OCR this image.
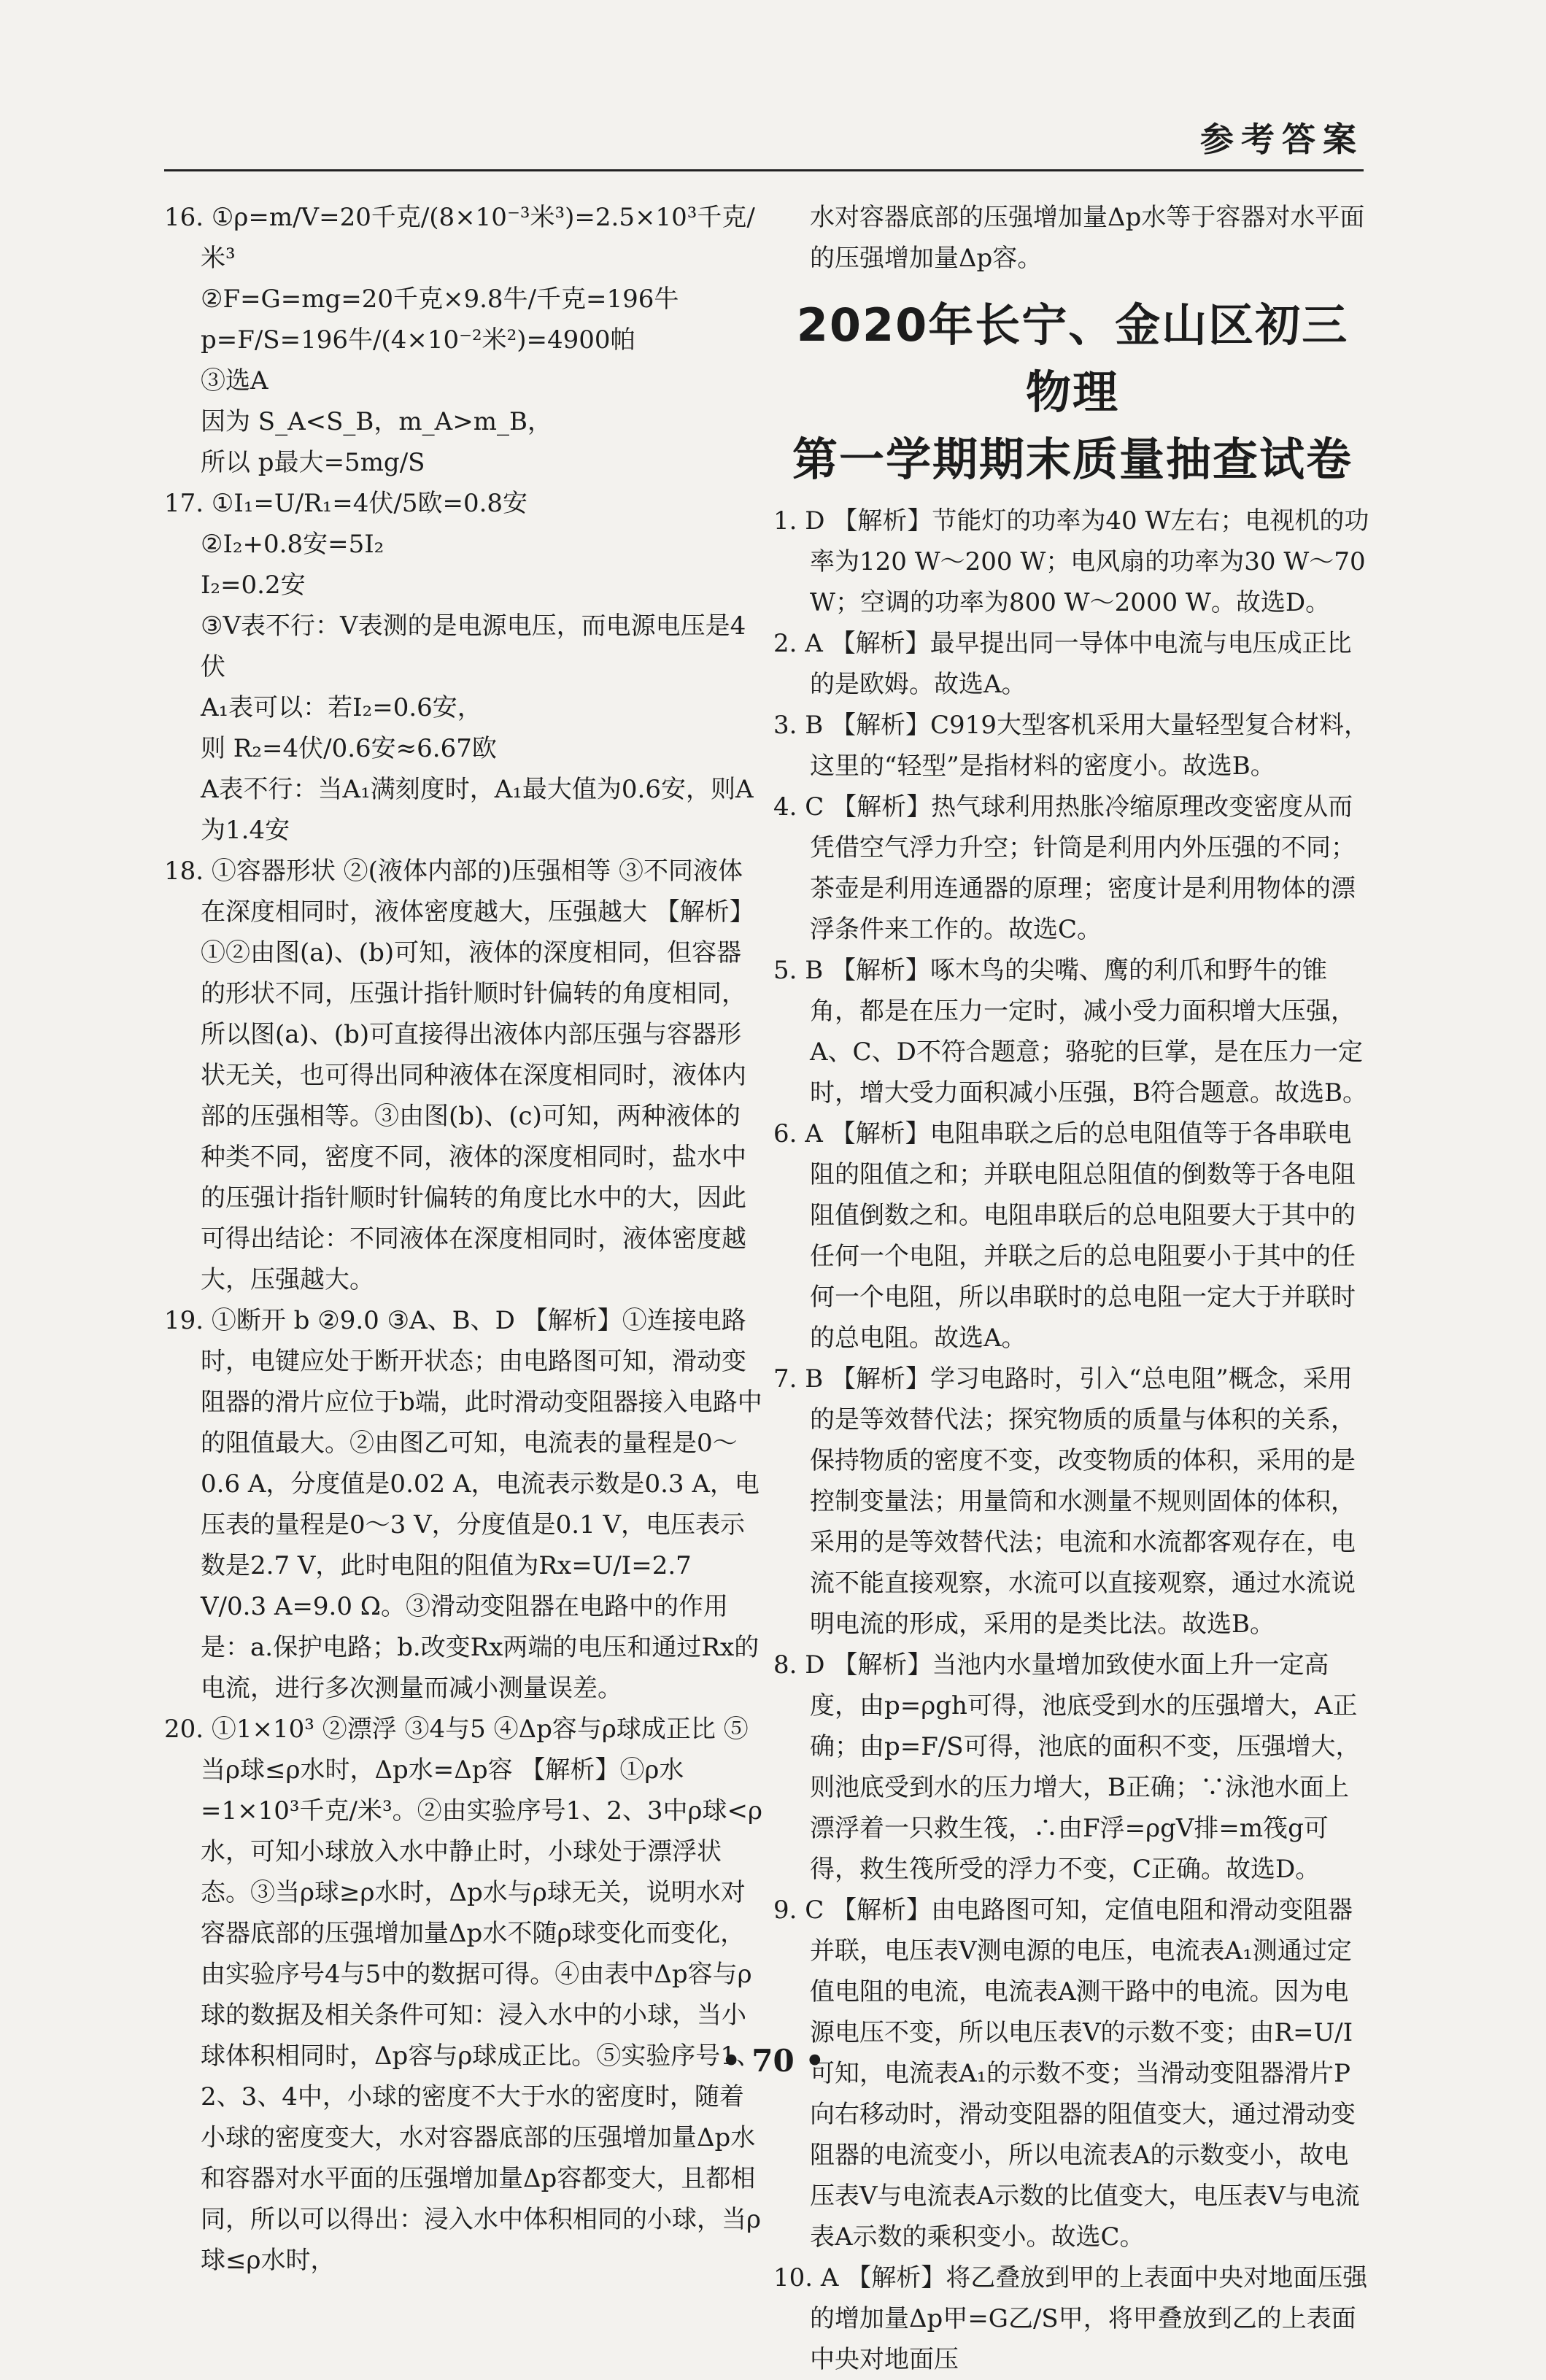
参考答案

16. ①ρ=m/V=20千克/(8×10⁻³米³)=2.5×10³千克/米³

②F=G=mg=20千克×9.8牛/千克=196牛

p=F/S=196牛/(4×10⁻²米²)=4900帕

③选A

因为 S_A<S_B，m_A>m_B，

所以 p最大=5mg/S

17. ①I₁=U/R₁=4伏/5欧=0.8安

②I₂+0.8安=5I₂

I₂=0.2安

③V表不行：V表测的是电源电压，而电源电压是4伏

A₁表可以：若I₂=0.6安，

则 R₂=4伏/0.6安≈6.67欧

A表不行：当A₁满刻度时，A₁最大值为0.6安，则A为1.4安

18. ①容器形状 ②(液体内部的)压强相等 ③不同液体在深度相同时，液体密度越大，压强越大 【解析】①②由图(a)、(b)可知，液体的深度相同，但容器的形状不同，压强计指针顺时针偏转的角度相同，所以图(a)、(b)可直接得出液体内部压强与容器形状无关，也可得出同种液体在深度相同时，液体内部的压强相等。③由图(b)、(c)可知，两种液体的种类不同，密度不同，液体的深度相同时，盐水中的压强计指针顺时针偏转的角度比水中的大，因此可得出结论：不同液体在深度相同时，液体密度越大，压强越大。

19. ①断开 b ②9.0 ③A、B、D 【解析】①连接电路时，电键应处于断开状态；由电路图可知，滑动变阻器的滑片应位于b端，此时滑动变阻器接入电路中的阻值最大。②由图乙可知，电流表的量程是0～0.6 A，分度值是0.02 A，电流表示数是0.3 A，电压表的量程是0～3 V，分度值是0.1 V，电压表示数是2.7 V，此时电阻的阻值为Rx=U/I=2.7 V/0.3 A=9.0 Ω。③滑动变阻器在电路中的作用是：a.保护电路；b.改变Rx两端的电压和通过Rx的电流，进行多次测量而减小测量误差。

20. ①1×10³ ②漂浮 ③4与5 ④Δp容与ρ球成正比 ⑤当ρ球≤ρ水时，Δp水=Δp容 【解析】①ρ水=1×10³千克/米³。②由实验序号1、2、3中ρ球<ρ水，可知小球放入水中静止时，小球处于漂浮状态。③当ρ球≥ρ水时，Δp水与ρ球无关，说明水对容器底部的压强增加量Δp水不随ρ球变化而变化，由实验序号4与5中的数据可得。④由表中Δp容与ρ球的数据及相关条件可知：浸入水中的小球，当小球体积相同时，Δp容与ρ球成正比。⑤实验序号1、2、3、4中，小球的密度不大于水的密度时，随着小球的密度变大，水对容器底部的压强增加量Δp水和容器对水平面的压强增加量Δp容都变大，且都相同，所以可以得出：浸入水中体积相同的小球，当ρ球≤ρ水时，

水对容器底部的压强增加量Δp水等于容器对水平面的压强增加量Δp容。

2020年长宁、金山区初三物理
第一学期期末质量抽查试卷

1. D 【解析】节能灯的功率为40 W左右；电视机的功率为120 W～200 W；电风扇的功率为30 W～70 W；空调的功率为800 W～2000 W。故选D。

2. A 【解析】最早提出同一导体中电流与电压成正比的是欧姆。故选A。

3. B 【解析】C919大型客机采用大量轻型复合材料，这里的“轻型”是指材料的密度小。故选B。

4. C 【解析】热气球利用热胀冷缩原理改变密度从而凭借空气浮力升空；针筒是利用内外压强的不同；茶壶是利用连通器的原理；密度计是利用物体的漂浮条件来工作的。故选C。

5. B 【解析】啄木鸟的尖嘴、鹰的利爪和野牛的锥角，都是在压力一定时，减小受力面积增大压强，A、C、D不符合题意；骆驼的巨掌，是在压力一定时，增大受力面积减小压强，B符合题意。故选B。

6. A 【解析】电阻串联之后的总电阻值等于各串联电阻的阻值之和；并联电阻总阻值的倒数等于各电阻阻值倒数之和。电阻串联后的总电阻要大于其中的任何一个电阻，并联之后的总电阻要小于其中的任何一个电阻，所以串联时的总电阻一定大于并联时的总电阻。故选A。

7. B 【解析】学习电路时，引入“总电阻”概念，采用的是等效替代法；探究物质的质量与体积的关系，保持物质的密度不变，改变物质的体积，采用的是控制变量法；用量筒和水测量不规则固体的体积，采用的是等效替代法；电流和水流都客观存在，电流不能直接观察，水流可以直接观察，通过水流说明电流的形成，采用的是类比法。故选B。

8. D 【解析】当池内水量增加致使水面上升一定高度，由p=ρgh可得，池底受到水的压强增大，A正确；由p=F/S可得，池底的面积不变，压强增大，则池底受到水的压力增大，B正确；∵泳池水面上漂浮着一只救生筏，∴由F浮=ρgV排=m筏g可得，救生筏所受的浮力不变，C正确。故选D。

9. C 【解析】由电路图可知，定值电阻和滑动变阻器并联，电压表V测电源的电压，电流表A₁测通过定值电阻的电流，电流表A测干路中的电流。因为电源电压不变，所以电压表V的示数不变；由R=U/I可知，电流表A₁的示数不变；当滑动变阻器滑片P向右移动时，滑动变阻器的阻值变大，通过滑动变阻器的电流变小，所以电流表A的示数变小，故电压表V与电流表A示数的比值变大，电压表V与电流表A示数的乘积变小。故选C。

10. A 【解析】将乙叠放到甲的上表面中央对地面压强的增加量Δp甲=G乙/S甲，将甲叠放到乙的上表面中央对地面压

• 70 •
